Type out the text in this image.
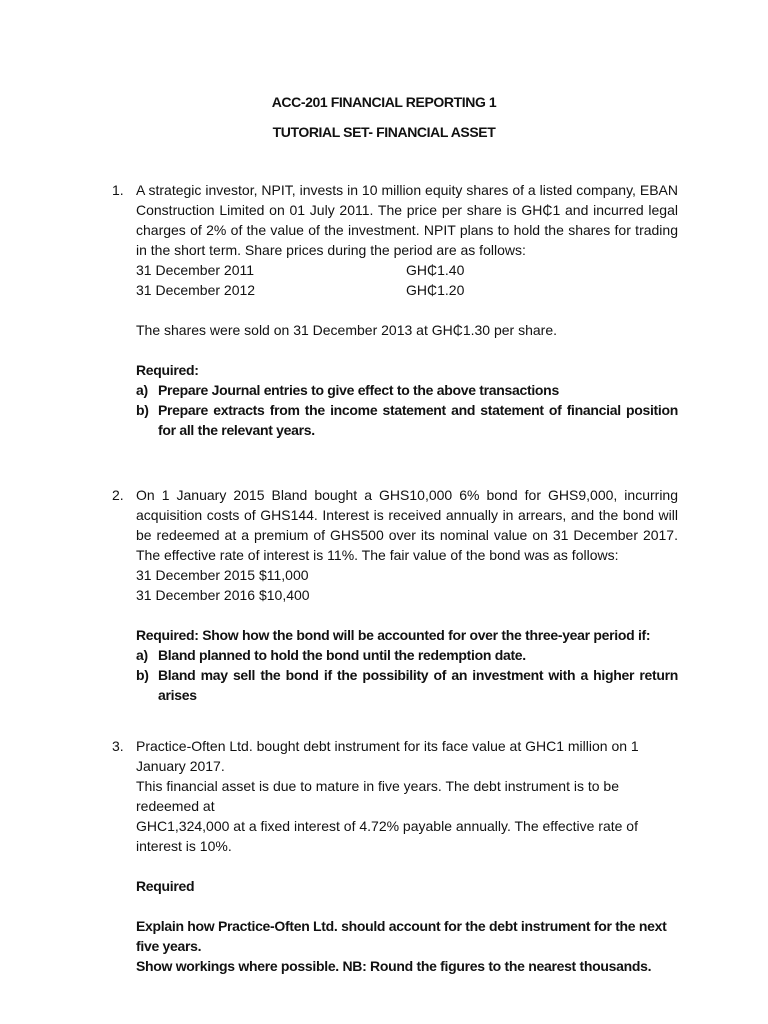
ACC-201 FINANCIAL REPORTING 1
TUTORIAL SET- FINANCIAL ASSET
1. A strategic investor, NPIT, invests in 10 million equity shares of a listed company, EBAN Construction Limited on 01 July 2011. The price per share is GH₵1 and incurred legal charges of 2% of the value of the investment. NPIT plans to hold the shares for trading in the short term. Share prices during the period are as follows:
31 December 2011	GH₵1.40
31 December 2012	GH₵1.20
The shares were sold on 31 December 2013 at GH₵1.30 per share.
Required:
a) Prepare Journal entries to give effect to the above transactions
b) Prepare extracts from the income statement and statement of financial position for all the relevant years.
2. On 1 January 2015 Bland bought a GHS10,000 6% bond for GHS9,000, incurring acquisition costs of GHS144. Interest is received annually in arrears, and the bond will be redeemed at a premium of GHS500 over its nominal value on 31 December 2017. The effective rate of interest is 11%. The fair value of the bond was as follows:
31 December 2015 $11,000
31 December 2016 $10,400
Required: Show how the bond will be accounted for over the three-year period if:
a) Bland planned to hold the bond until the redemption date.
b) Bland may sell the bond if the possibility of an investment with a higher return arises
3. Practice-Often Ltd. bought debt instrument for its face value at GHC1 million on 1 January 2017.
This financial asset is due to mature in five years. The debt instrument is to be redeemed at
GHC1,324,000 at a fixed interest of 4.72% payable annually. The effective rate of interest is 10%.
Required
Explain how Practice-Often Ltd. should account for the debt instrument for the next five years.
Show workings where possible. NB: Round the figures to the nearest thousands.
